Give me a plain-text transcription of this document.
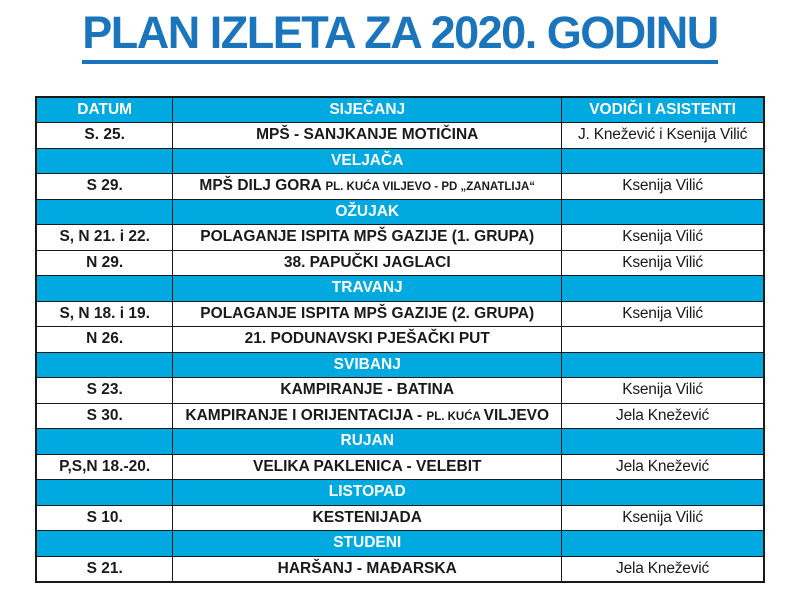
PLAN IZLETA ZA 2020. GODINU
DATUM	SIJEČANJ	VODIČI I ASISTENTI
S. 25.	MPŠ - SANJKANJE MOTIČINA	J. Knežević i Ksenija Vilić
	VELJAČA	
S 29.	MPŠ DILJ GORA PL. KUĆA VILJEVO - PD „ZANATLIJA“	Ksenija Vilić
	OŽUJAK	
S, N 21. i 22.	POLAGANJE ISPITA MPŠ GAZIJE (1. GRUPA)	Ksenija Vilić
N 29.	38. PAPUČKI JAGLACI	Ksenija Vilić
	TRAVANJ	
S, N 18. i 19.	POLAGANJE ISPITA MPŠ GAZIJE (2. GRUPA)	Ksenija Vilić
N 26.	21. PODUNAVSKI PJEŠAČKI PUT	
	SVIBANJ	
S 23.	KAMPIRANJE - BATINA	Ksenija Vilić
S 30.	KAMPIRANJE I ORIJENTACIJA - PL. KUĆA VILJEVO	Jela Knežević
	RUJAN	
P,S,N 18.-20.	VELIKA PAKLENICA - VELEBIT	Jela Knežević
	LISTOPAD	
S 10.	KESTENIJADA	Ksenija Vilić
	STUDENI	
S 21.	HARŠANJ - MAĐARSKA	Jela Knežević
